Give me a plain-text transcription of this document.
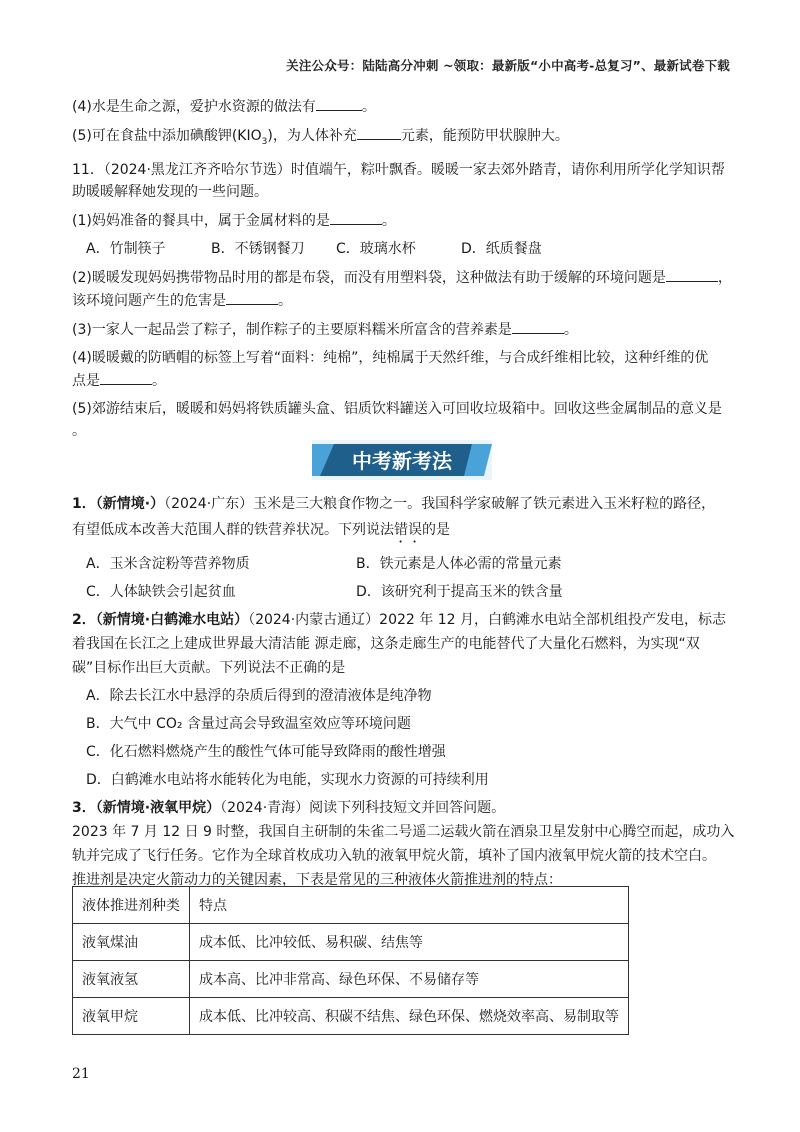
关注公众号：陆陆高分冲刺 ~领取：最新版“小中高考-总复习”、最新试卷下载
(4)水是生命之源，爱护水资源的做法有	。
(5)可在食盐中添加碘酸钾$(KIO_3)$，为人体补充	元素，能预防甲状腺肿大。
11．（2024·黑龙江齐齐哈尔节选）时值端午，粽叶飘香。暖暖一家去郊外踏青，请你利用所学化学知识帮
助暖暖解释她发现的一些问题。
(1)妈妈准备的餐具中，属于金属材料的是	。
A．竹制筷子	B．不锈钢餐刀	C．玻璃水杯	D．纸质餐盘
(2)暖暖发现妈妈携带物品时用的都是布袋，而没有用塑料袋，这种做法有助于缓解的环境问题是	，
该环境问题产生的危害是	。
(3)一家人一起品尝了粽子，制作粽子的主要原料糯米所富含的营养素是	。
(4)暖暖戴的防晒帽的标签上写着“面料：纯棉”，纯棉属于天然纤维，与合成纤维相比较，这种纤维的优
点是	。
(5)郊游结束后，暖暖和妈妈将铁质罐头盒、铝质饮料罐送入可回收垃圾箱中。回收这些金属制品的意义是
。
中考新考法
1．（新情境·）（2024·广东）玉米是三大粮食作物之一。我国科学家破解了铁元素进入玉米籽粒的路径，
有望低成本改善大范围人群的铁营养状况。下列说法错误的是
A．玉米含淀粉等营养物质	B．铁元素是人体必需的常量元素
C．人体缺铁会引起贫血	D．该研究利于提高玉米的铁含量
2．（新情境·白鹤滩水电站）（2024·内蒙古通辽）2022 年 12 月，白鹤滩水电站全部机组投产发电，标志
着我国在长江之上建成世界最大清洁能 源走廊，这条走廊生产的电能替代了大量化石燃料，为实现“双
碳”目标作出巨大贡献。下列说法不正确的是
A．除去长江水中悬浮的杂质后得到的澄清液体是纯净物
B．大气中 CO₂ 含量过高会导致温室效应等环境问题
C．化石燃料燃烧产生的酸性气体可能导致降雨的酸性增强
D．白鹤滩水电站将水能转化为电能，实现水力资源的可持续利用
3．（新情境·液氧甲烷）（2024·青海）阅读下列科技短文并回答问题。
2023 年 7 月 12 日 9 时整，我国自主研制的朱雀二号遥二运载火箭在酒泉卫星发射中心腾空而起，成功入
轨并完成了飞行任务。它作为全球首枚成功入轨的液氧甲烷火箭，填补了国内液氧甲烷火箭的技术空白。
推进剂是决定火箭动力的关键因素，下表是常见的三种液体火箭推进剂的特点：
液体推进剂种类	特点
液氧煤油	成本低、比冲较低、易积碳、结焦等
液氧液氢	成本高、比冲非常高、绿色环保、不易储存等
液氧甲烷	成本低、比冲较高、积碳不结焦、绿色环保、燃烧效率高、易制取等
21
